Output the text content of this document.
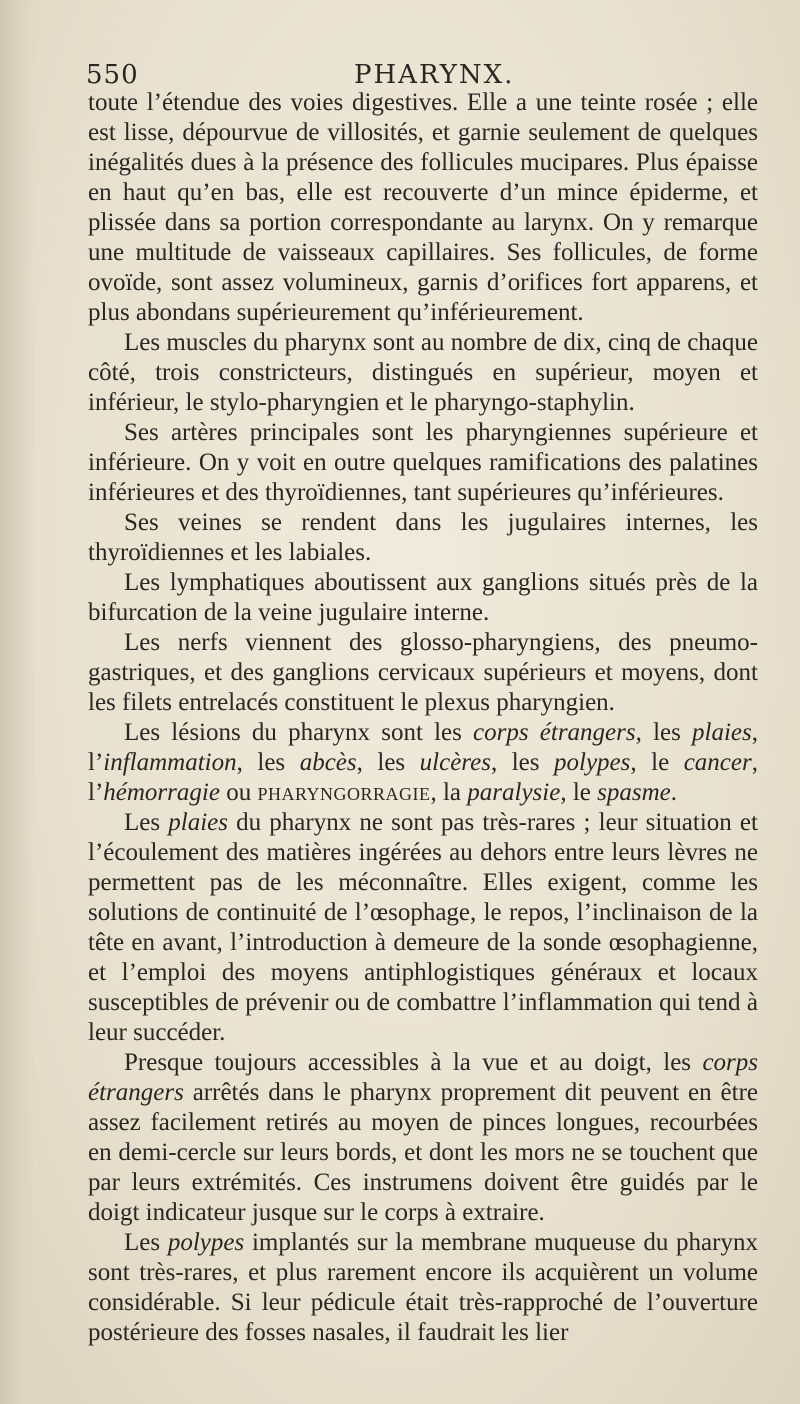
550	PHARYNX.

toute l’étendue des voies digestives. Elle a une teinte rosée ; elle est lisse, dépourvue de villosités, et garnie seulement de quelques inégalités dues à la présence des follicules mucipares. Plus épaisse en haut qu’en bas, elle est recouverte d’un mince épiderme, et plissée dans sa portion correspondante au larynx. On y remarque une multitude de vaisseaux capillaires. Ses follicules, de forme ovoïde, sont assez volumineux, garnis d’orifices fort apparens, et plus abondans supérieurement qu’inférieurement.

Les muscles du pharynx sont au nombre de dix, cinq de chaque côté, trois constricteurs, distingués en supérieur, moyen et inférieur, le stylo-pharyngien et le pharyngo-staphylin.

Ses artères principales sont les pharyngiennes supérieure et inférieure. On y voit en outre quelques ramifications des palatines inférieures et des thyroïdiennes, tant supérieures qu’inférieures.

Ses veines se rendent dans les jugulaires internes, les thyroïdiennes et les labiales.

Les lymphatiques aboutissent aux ganglions situés près de la bifurcation de la veine jugulaire interne.

Les nerfs viennent des glosso-pharyngiens, des pneumo-gastriques, et des ganglions cervicaux supérieurs et moyens, dont les filets entrelacés constituent le plexus pharyngien.

Les lésions du pharynx sont les corps étrangers, les plaies, l’inflammation, les abcès, les ulcères, les polypes, le cancer, l’hémorragie ou pharyngorragie, la paralysie, le spasme.

Les plaies du pharynx ne sont pas très-rares ; leur situation et l’écoulement des matières ingérées au dehors entre leurs lèvres ne permettent pas de les méconnaître. Elles exigent, comme les solutions de continuité de l’œsophage, le repos, l’inclinaison de la tête en avant, l’introduction à demeure de la sonde œsophagienne, et l’emploi des moyens antiphlogistiques généraux et locaux susceptibles de prévenir ou de combattre l’inflammation qui tend à leur succéder.

Presque toujours accessibles à la vue et au doigt, les corps étrangers arrêtés dans le pharynx proprement dit peuvent en être assez facilement retirés au moyen de pinces longues, recourbées en demi-cercle sur leurs bords, et dont les mors ne se touchent que par leurs extrémités. Ces instrumens doivent être guidés par le doigt indicateur jusque sur le corps à extraire.

Les polypes implantés sur la membrane muqueuse du pharynx sont très-rares, et plus rarement encore ils acquièrent un volume considérable. Si leur pédicule était très-rapproché de l’ouverture postérieure des fosses nasales, il faudrait les lier
